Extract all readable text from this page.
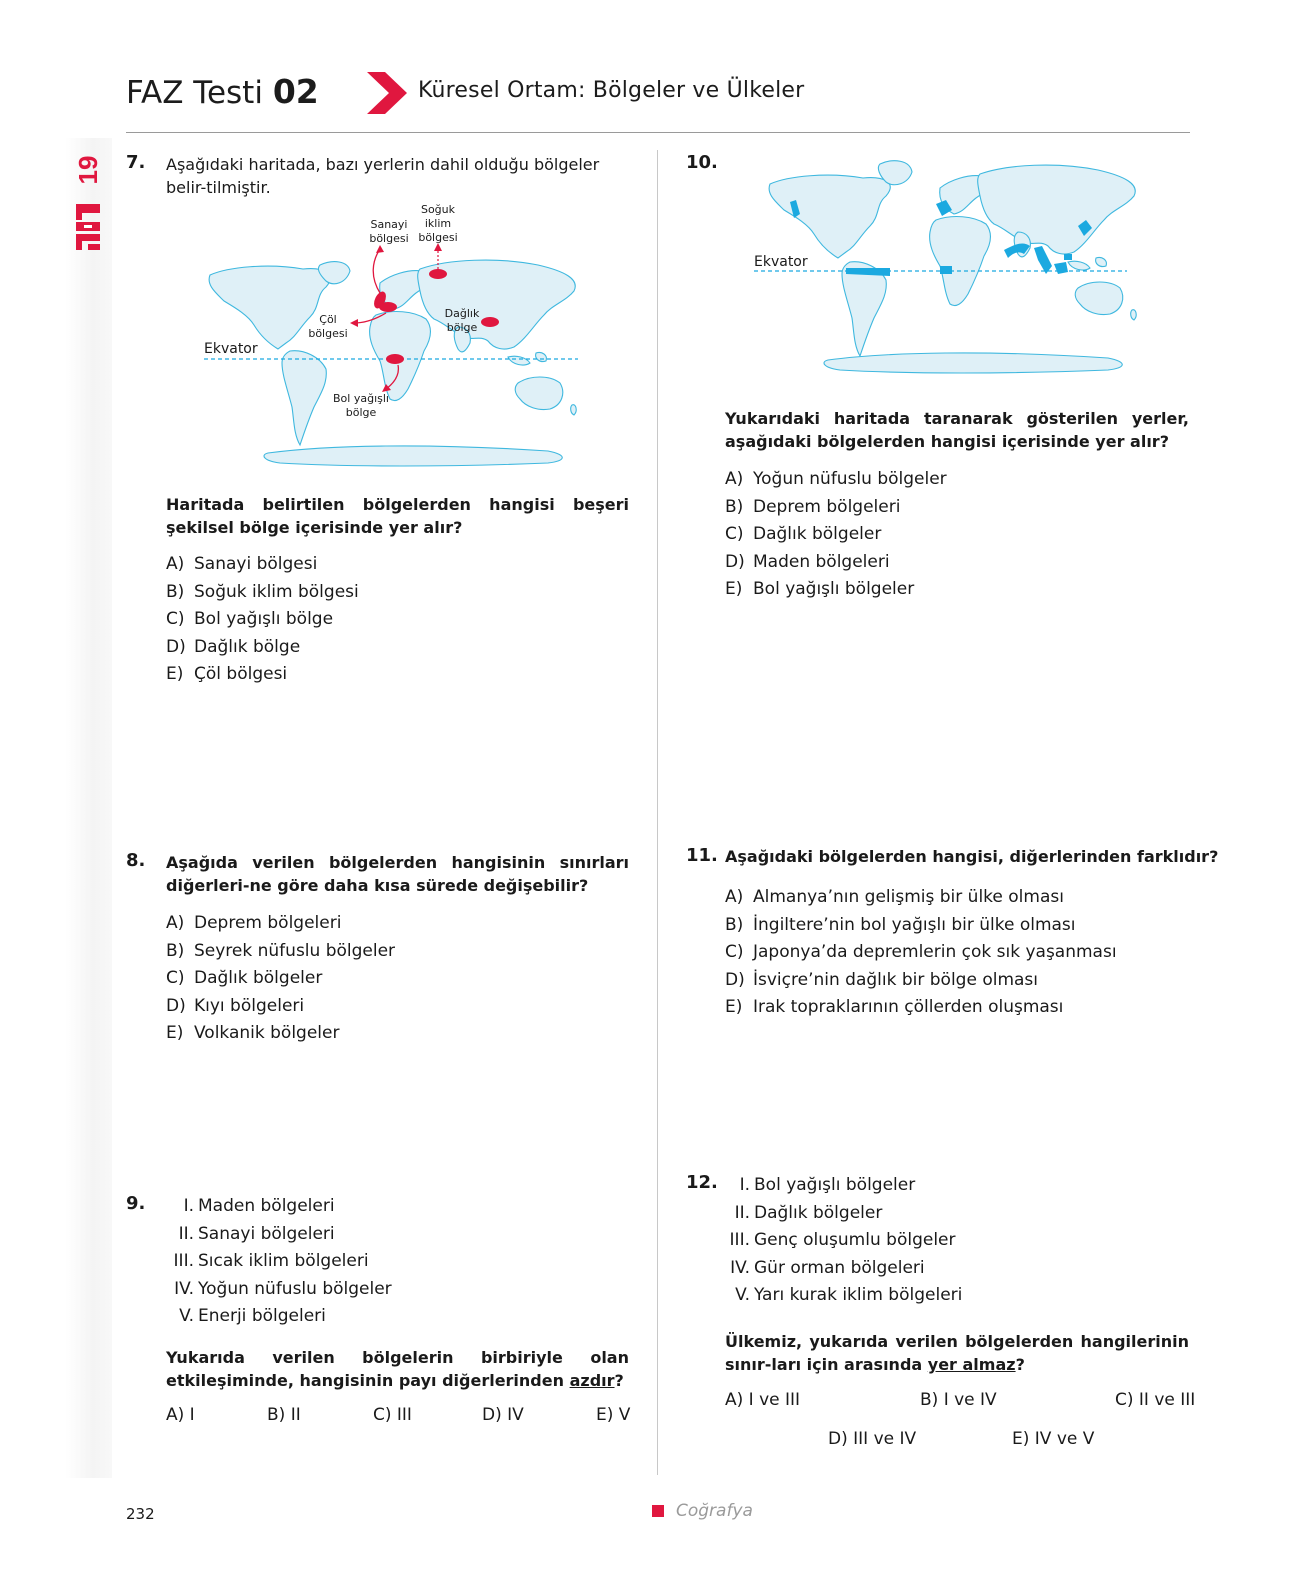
19
FAZ Testi 02	Küresel Ortam: Bölgeler ve Ülkeler
7. Aşağıdaki haritada, bazı yerlerin dahil olduğu bölgeler belir-tilmiştir.
Sanayi
bölgesi
Soğuk
iklim
bölgesi
Çöl
bölgesi
Dağlık
bölge
Bol yağışlı
bölge
Ekvator
Haritada belirtilen bölgelerden hangisi beşeri şekilsel bölge içerisinde yer alır?
A) Sanayi bölgesi
B) Soğuk iklim bölgesi
C) Bol yağışlı bölge
D) Dağlık bölge
E) Çöl bölgesi
8. Aşağıda verilen bölgelerden hangisinin sınırları diğerleri-ne göre daha kısa sürede değişebilir?
A) Deprem bölgeleri
B) Seyrek nüfuslu bölgeler
C) Dağlık bölgeler
D) Kıyı bölgeleri
E) Volkanik bölgeler
9.	I. Maden bölgeleri
II. Sanayi bölgeleri
III. Sıcak iklim bölgeleri
IV. Yoğun nüfuslu bölgeler
V. Enerji bölgeleri
Yukarıda verilen bölgelerin birbiriyle olan etkileşiminde, hangisinin payı diğerlerinden azdır?
A) I	B) II	C) III	D) IV	E) V
10.
Ekvator
Yukarıdaki haritada taranarak gösterilen yerler, aşağıdaki bölgelerden hangisi içerisinde yer alır?
A) Yoğun nüfuslu bölgeler
B) Deprem bölgeleri
C) Dağlık bölgeler
D) Maden bölgeleri
E) Bol yağışlı bölgeler
11. Aşağıdaki bölgelerden hangisi, diğerlerinden farklıdır?
A) Almanya’nın gelişmiş bir ülke olması
B) İngiltere’nin bol yağışlı bir ülke olması
C) Japonya’da depremlerin çok sık yaşanması
D) İsviçre’nin dağlık bir bölge olması
E) Irak topraklarının çöllerden oluşması
12.	I. Bol yağışlı bölgeler
II. Dağlık bölgeler
III. Genç oluşumlu bölgeler
IV. Gür orman bölgeleri
V. Yarı kurak iklim bölgeleri
Ülkemiz, yukarıda verilen bölgelerden hangilerinin sınır-ları için arasında yer almaz?
A) I ve III	B) I ve IV	C) II ve III
D) III ve IV	E) IV ve V
232	Coğrafya
